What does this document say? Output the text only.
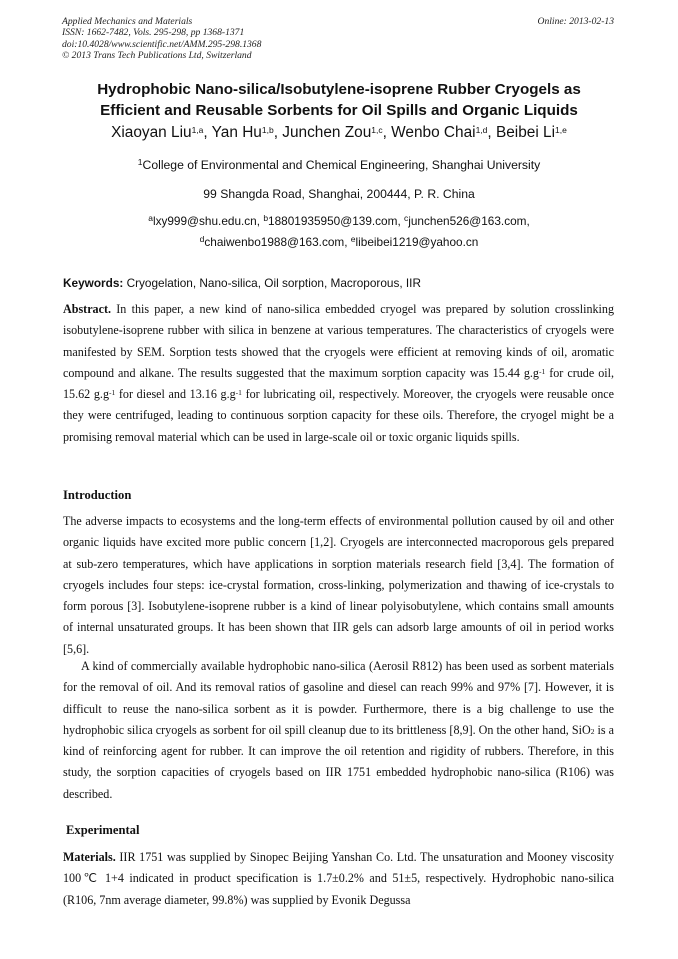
Applied Mechanics and Materials
ISSN: 1662-7482, Vols. 295-298, pp 1368-1371
doi:10.4028/www.scientific.net/AMM.295-298.1368
© 2013 Trans Tech Publications Ltd, Switzerland
Online: 2013-02-13
Hydrophobic Nano-silica/Isobutylene-isoprene Rubber Cryogels as
Efficient and Reusable Sorbents for Oil Spills and Organic Liquids
Xiaoyan Liu$^{1,a}$, Yan Hu$^{1,b}$, Junchen Zou$^{1,c}$, Wenbo Chai$^{1,d}$, Beibei Li$^{1,e}$
$^1$College of Environmental and Chemical Engineering, Shanghai University
99 Shangda Road, Shanghai, 200444, P. R. China
$^a$lxy999@shu.edu.cn, $^b$18801935950@139.com, $^c$junchen526@163.com,
$^d$chaiwenbo1988@163.com, $^e$libeibei1219@yahoo.cn
Keywords: Cryogelation, Nano-silica, Oil sorption, Macroporous, IIR
Abstract. In this paper, a new kind of nano-silica embedded cryogel was prepared by solution crosslinking isobutylene-isoprene rubber with silica in benzene at various temperatures. The characteristics of cryogels were manifested by SEM. Sorption tests showed that the cryogels were efficient at removing kinds of oil, aromatic compound and alkane. The results suggested that the maximum sorption capacity was 15.44 $g.g^{-1}$ for crude oil, 15.62 $g.g^{-1}$ for diesel and 13.16 $g.g^{-1}$ for lubricating oil, respectively. Moreover, the cryogels were reusable once they were centrifuged, leading to continuous sorption capacity for these oils. Therefore, the cryogel might be a promising removal material which can be used in large-scale oil or toxic organic liquids spills.
Introduction
The adverse impacts to ecosystems and the long-term effects of environmental pollution caused by oil and other organic liquids have excited more public concern [1,2]. Cryogels are interconnected macroporous gels prepared at sub-zero temperatures, which have applications in sorption materials research field [3,4]. The formation of cryogels includes four steps: ice-crystal formation, cross-linking, polymerization and thawing of ice-crystals to form porous [3]. Isobutylene-isoprene rubber is a kind of linear polyisobutylene, which contains small amounts of internal unsaturated groups. It has been shown that IIR gels can adsorb large amounts of oil in period works [5,6].
A kind of commercially available hydrophobic nano-silica (Aerosil R812) has been used as sorbent materials for the removal of oil. And its removal ratios of gasoline and diesel can reach 99% and 97% [7]. However, it is difficult to reuse the nano-silica sorbent as it is powder. Furthermore, there is a big challenge to use the hydrophobic silica cryogels as sorbent for oil spill cleanup due to its brittleness [8,9]. On the other hand, SiO2 is a kind of reinforcing agent for rubber. It can improve the oil retention and rigidity of rubbers. Therefore, in this study, the sorption capacities of cryogels based on IIR 1751 embedded hydrophobic nano-silica (R106) was described.
Experimental
Materials. IIR 1751 was supplied by Sinopec Beijing Yanshan Co. Ltd. The unsaturation and Mooney viscosity 100℃ 1+4 indicated in product specification is 1.7±0.2% and 51±5, respectively. Hydrophobic nano-silica (R106, 7nm average diameter, 99.8%) was supplied by Evonik Degussa
